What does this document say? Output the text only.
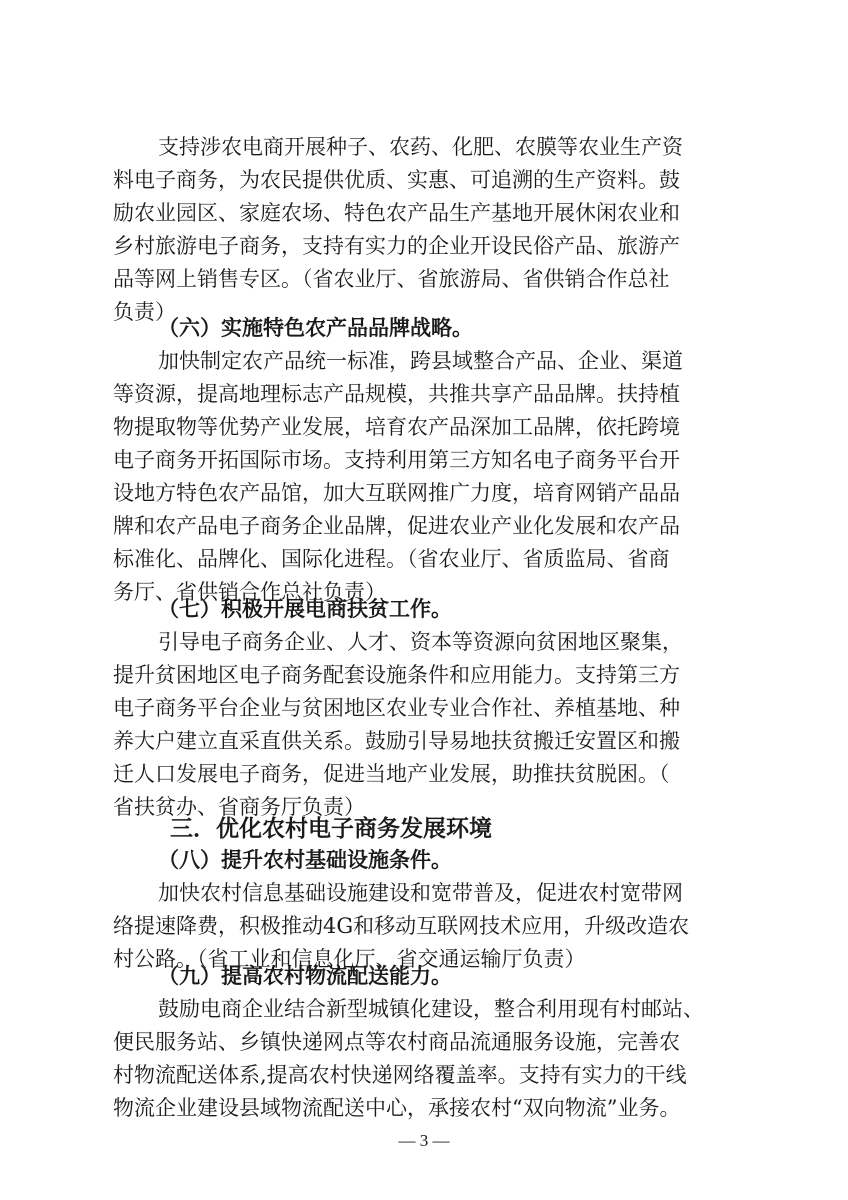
支持涉农电商开展种子、农药、化肥、农膜等农业生产资
料电子商务，为农民提供优质、实惠、可追溯的生产资料。鼓
励农业园区、家庭农场、特色农产品生产基地开展休闲农业和
乡村旅游电子商务，支持有实力的企业开设民俗产品、旅游产
品等网上销售专区。（省农业厅、省旅游局、省供销合作总社
负责）
（六）实施特色农产品品牌战略。
加快制定农产品统一标准，跨县域整合产品、企业、渠道
等资源，提高地理标志产品规模，共推共享产品品牌。扶持植
物提取物等优势产业发展，培育农产品深加工品牌，依托跨境
电子商务开拓国际市场。支持利用第三方知名电子商务平台开
设地方特色农产品馆，加大互联网推广力度，培育网销产品品
牌和农产品电子商务企业品牌，促进农业产业化发展和农产品
标准化、品牌化、国际化进程。（省农业厅、省质监局、省商
务厅、省供销合作总社负责）
（七）积极开展电商扶贫工作。
引导电子商务企业、人才、资本等资源向贫困地区聚集，
提升贫困地区电子商务配套设施条件和应用能力。支持第三方
电子商务平台企业与贫困地区农业专业合作社、养植基地、种
养大户建立直采直供关系。鼓励引导易地扶贫搬迁安置区和搬
迁人口发展电子商务，促进当地产业发展，助推扶贫脱困。（
省扶贫办、省商务厅负责）
三．优化农村电子商务发展环境
（八）提升农村基础设施条件。
加快农村信息基础设施建设和宽带普及，促进农村宽带网
络提速降费，积极推动4G和移动互联网技术应用，升级改造农
村公路。（省工业和信息化厅、省交通运输厅负责）
（九）提高农村物流配送能力。
鼓励电商企业结合新型城镇化建设，整合利用现有村邮站、
便民服务站、乡镇快递网点等农村商品流通服务设施，完善农
村物流配送体系,提高农村快递网络覆盖率。支持有实力的干线
物流企业建设县域物流配送中心，承接农村“双向物流”业务。
— 3 —
